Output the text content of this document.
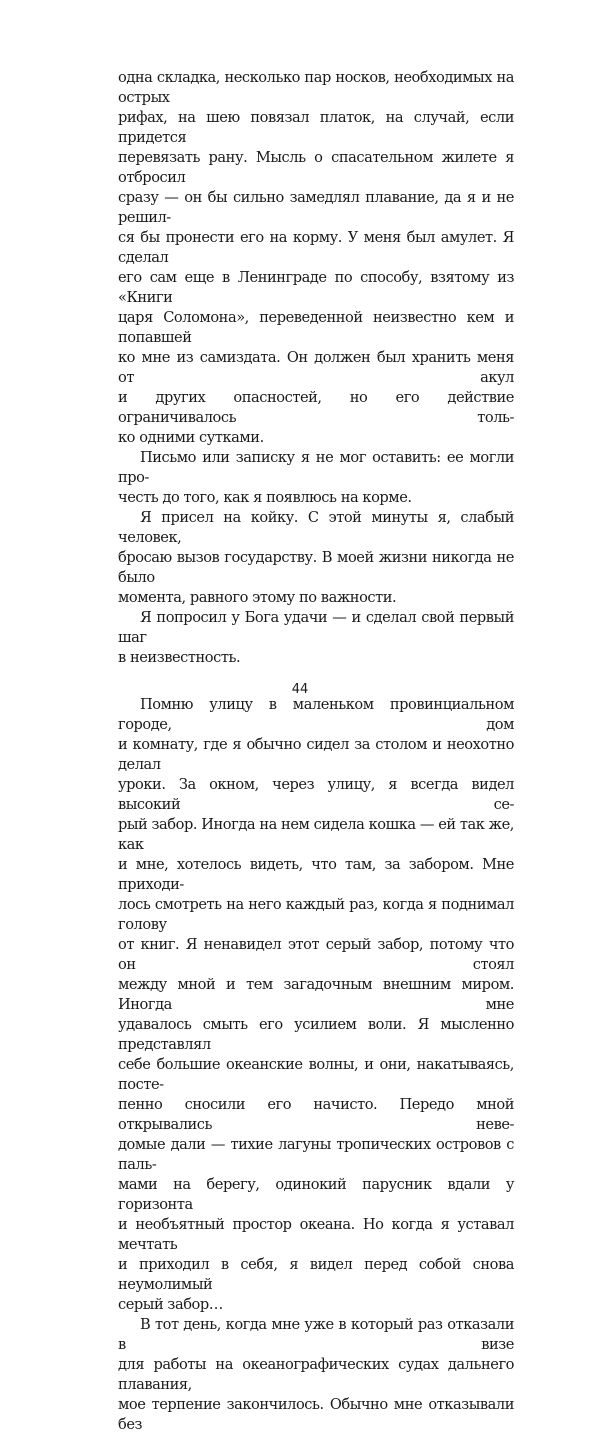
одна складка, несколько пар носков, необходимых на острых

рифах, на шею повязал платок, на случай, если придется

перевязать рану. Мысль о спасательном жилете я отбросил

сразу — он бы сильно замедлял плавание, да я и не решил-

ся бы пронести его на корму. У меня был амулет. Я сделал

его сам еще в Ленинграде по способу, взятому из «Книги

царя Соломона», переведенной неизвестно кем и попавшей

ко мне из самиздата. Он должен был хранить меня от акул

и других опасностей, но его действие ограничивалось толь-

ко одними сутками.

Письмо или записку я не мог оставить: ее могли про-

честь до того, как я появлюсь на корме.

Я присел на койку. С этой минуты я, слабый человек,

бросаю вызов государству. В моей жизни никогда не было

момента, равного этому по важности.

Я попросил у Бога удачи — и сделал свой первый шаг

в неизвестность.

Помню улицу в маленьком провинциальном городе, дом

и комнату, где я обычно сидел за столом и неохотно делал

уроки. За окном, через улицу, я всегда видел высокий се-

рый забор. Иногда на нем сидела кошка — ей так же, как

и мне, хотелось видеть, что там, за забором. Мне приходи-

лось смотреть на него каждый раз, когда я поднимал голову

от книг. Я ненавидел этот серый забор, потому что он стоял

между мной и тем загадочным внешним миром. Иногда мне

удавалось смыть его усилием воли. Я мысленно представлял

себе большие океанские волны, и они, накатываясь, посте-

пенно сносили его начисто. Передо мной открывались неве-

домые дали — тихие лагуны тропических островов с паль-

мами на берегу, одинокий парусник вдали у горизонта

и необъятный простор океана. Но когда я уставал мечтать

и приходил в себя, я видел перед собой снова неумолимый

серый забор…

В тот день, когда мне уже в который раз отказали в визе

для работы на океанографических судах дальнего плавания,

мое терпение закончилось. Обычно мне отказывали без

44
